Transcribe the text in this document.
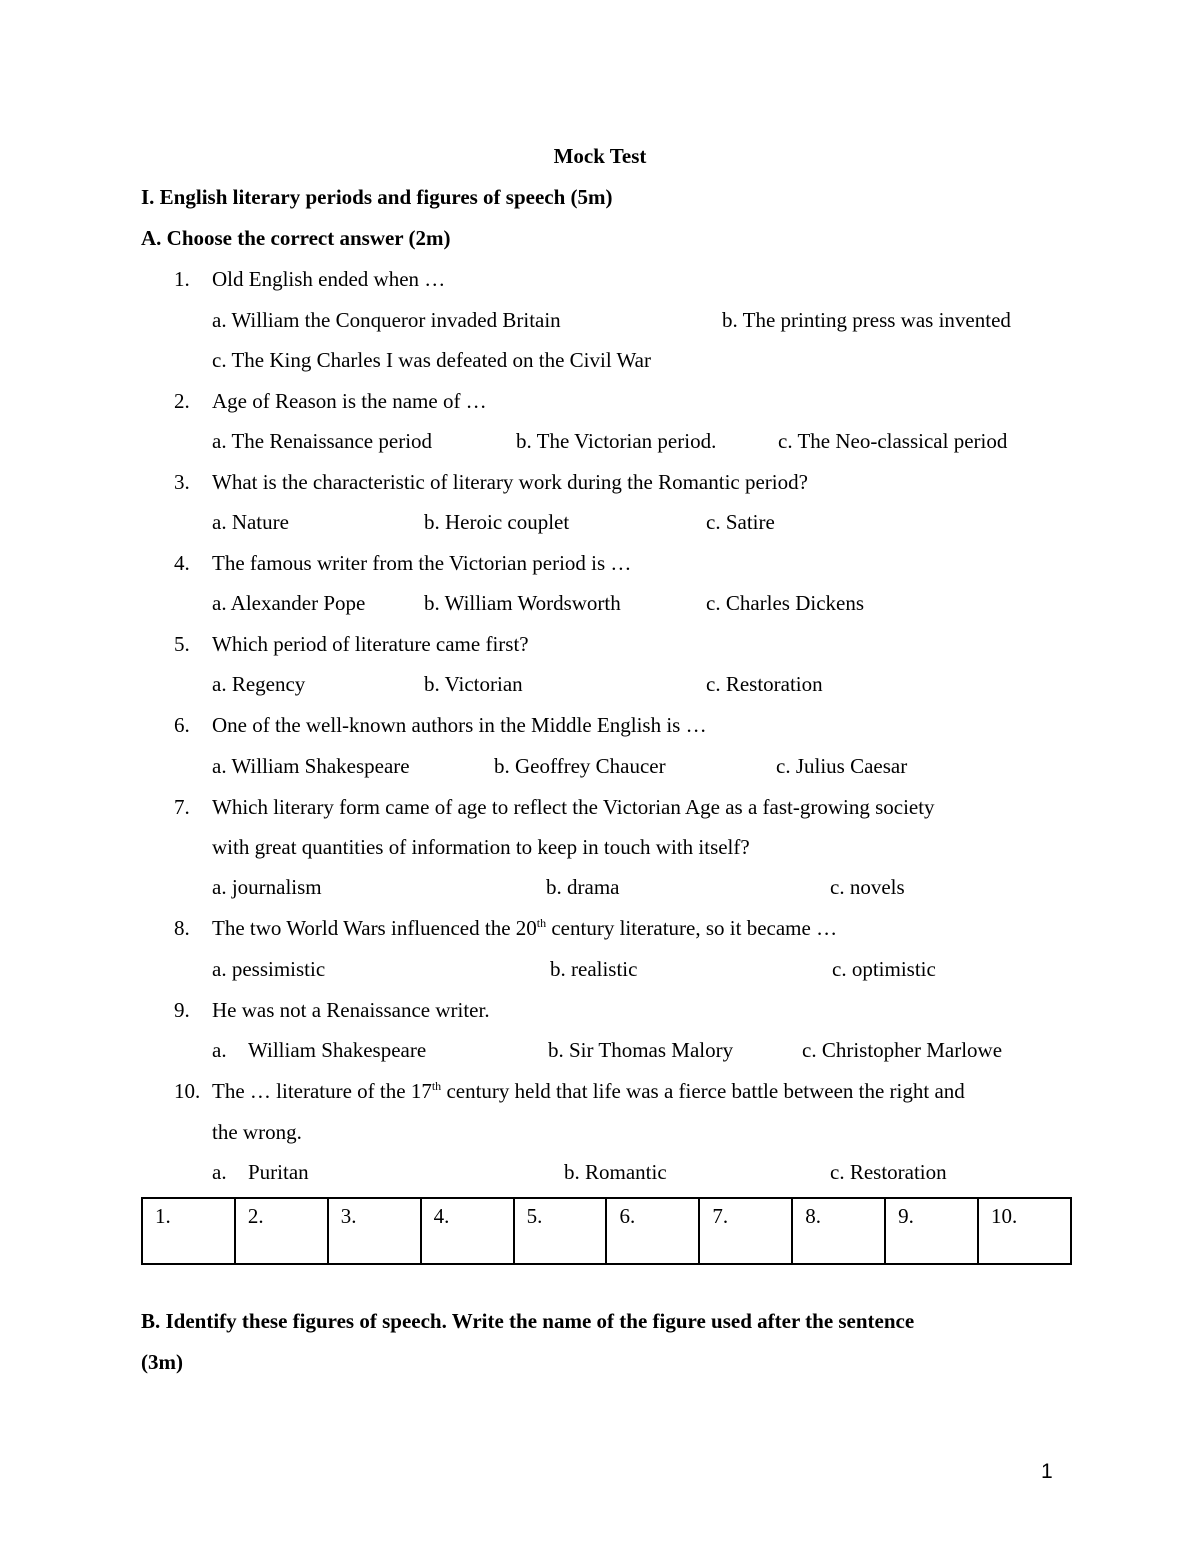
Mock Test
I. English literary periods and figures of speech (5m)
A. Choose the correct answer (2m)
1. Old English ended when …
a. William the Conqueror invaded Britain	b. The printing press was invented
c. The King Charles I was defeated on the Civil War
2. Age of Reason is the name of …
a. The Renaissance period	b. The Victorian period.	c. The Neo-classical period
3. What is the characteristic of literary work during the Romantic period?
a. Nature	b. Heroic couplet	c. Satire
4. The famous writer from the Victorian period is …
a. Alexander Pope	b. William Wordsworth	c. Charles Dickens
5. Which period of literature came first?
a. Regency	b. Victorian	c. Restoration
6. One of the well-known authors in the Middle English is …
a. William Shakespeare	b. Geoffrey Chaucer	c. Julius Caesar
7. Which literary form came of age to reflect the Victorian Age as a fast-growing society
with great quantities of information to keep in touch with itself?
a. journalism	b. drama	c. novels
8. The two World Wars influenced the 20th century literature, so it became …
a. pessimistic	b. realistic	c. optimistic
9. He was not a Renaissance writer.
a. William Shakespeare	b. Sir Thomas Malory	c. Christopher Marlowe
10. The … literature of the 17th century held that life was a fierce battle between the right and
the wrong.
a. Puritan	b. Romantic	c. Restoration
1.	2.	3.	4.	5.	6.	7.	8.	9.	10.
B. Identify these figures of speech. Write the name of the figure used after the sentence
(3m)
1
